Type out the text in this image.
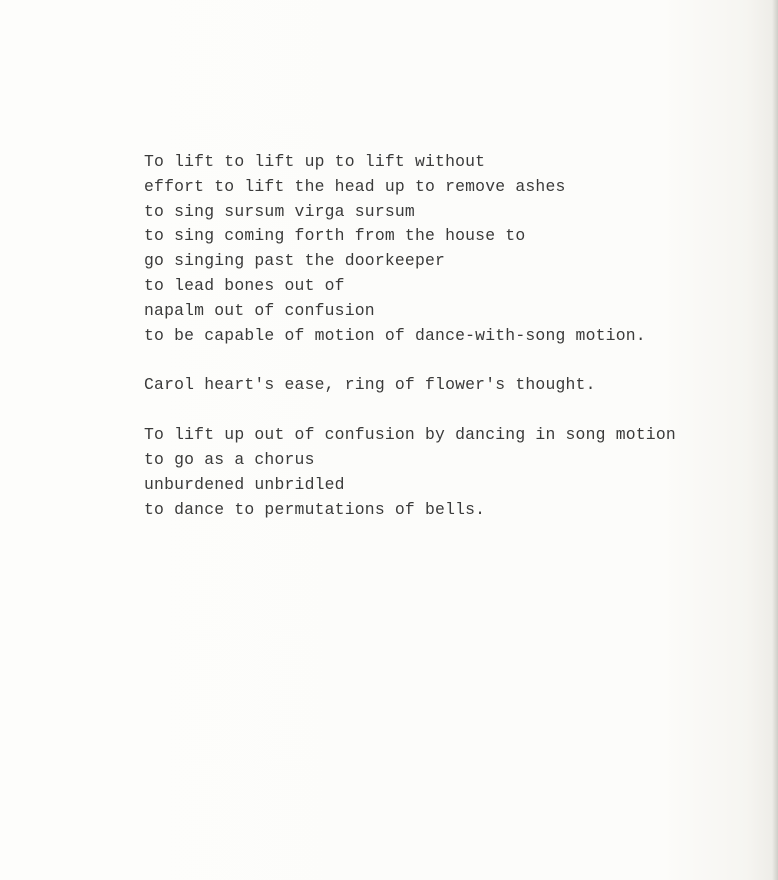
To lift to lift up to lift without
effort to lift the head up to remove ashes
to sing sursum virga sursum
to sing coming forth from the house to
go singing past the doorkeeper
to lead bones out of
napalm out of confusion
to be capable of motion of dance-with-song motion.
Carol heart's ease, ring of flower's thought.
To lift up out of confusion by dancing in song motion
to go as a chorus
unburdened unbridled
to dance to permutations of bells.
